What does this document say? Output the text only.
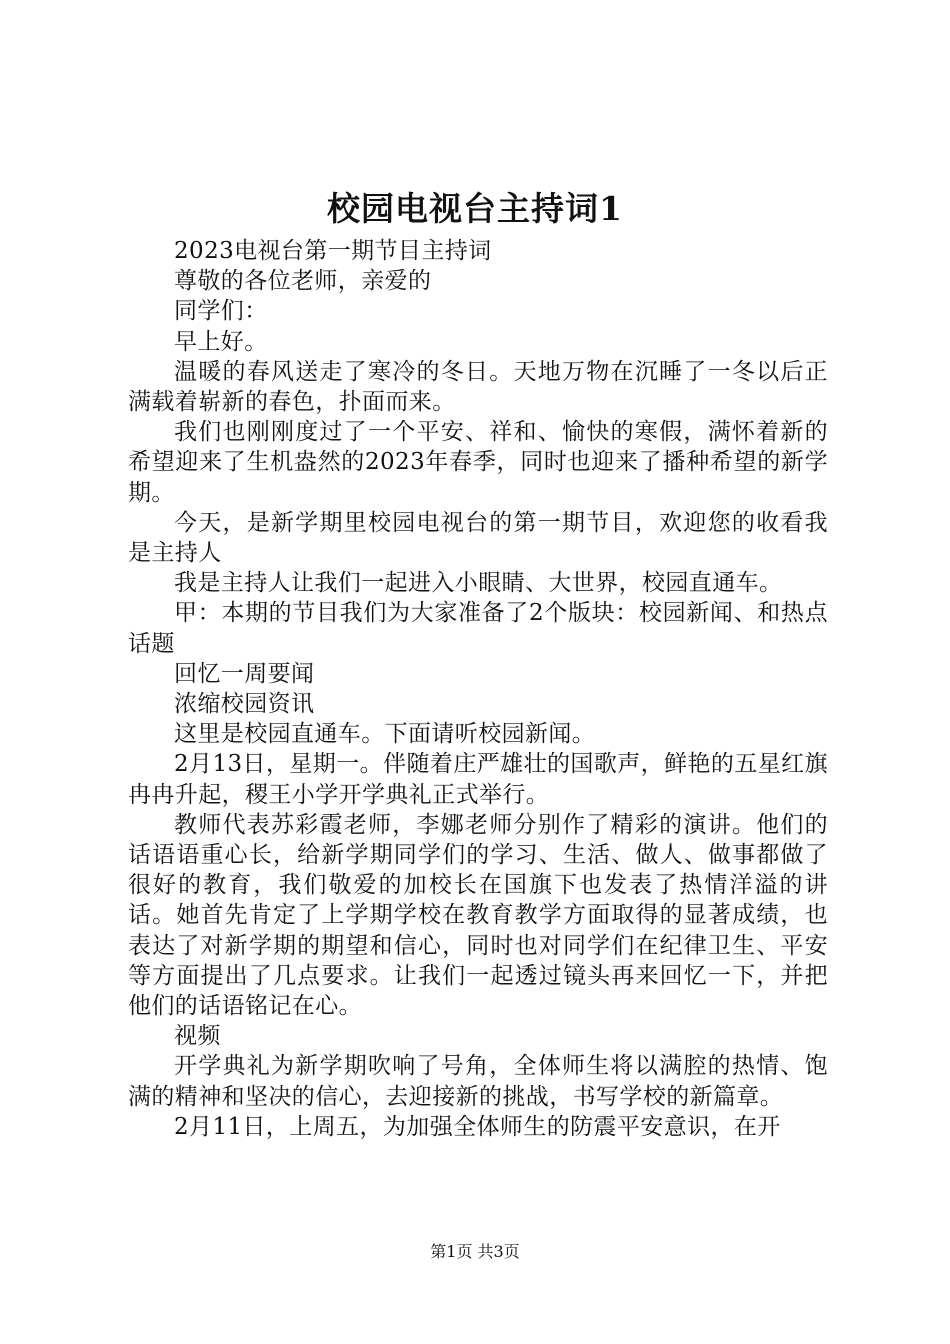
校园电视台主持词1

2023电视台第一期节目主持词

尊敬的各位老师，亲爱的

同学们：

早上好。

温暖的春风送走了寒冷的冬日。天地万物在沉睡了一冬以后正满载着崭新的春色，扑面而来。

我们也刚刚度过了一个平安、祥和、愉快的寒假，满怀着新的希望迎来了生机盎然的2023年春季，同时也迎来了播种希望的新学期。

今天，是新学期里校园电视台的第一期节目，欢迎您的收看我是主持人

我是主持人让我们一起进入小眼睛、大世界，校园直通车。

甲：本期的节目我们为大家准备了2个版块：校园新闻、和热点话题

回忆一周要闻

浓缩校园资讯

这里是校园直通车。下面请听校园新闻。

2月13日，星期一。伴随着庄严雄壮的国歌声，鲜艳的五星红旗冉冉升起，稷王小学开学典礼正式举行。

教师代表苏彩霞老师，李娜老师分别作了精彩的演讲。他们的话语语重心长，给新学期同学们的学习、生活、做人、做事都做了很好的教育，我们敬爱的加校长在国旗下也发表了热情洋溢的讲话。她首先肯定了上学期学校在教育教学方面取得的显著成绩，也表达了对新学期的期望和信心，同时也对同学们在纪律卫生、平安等方面提出了几点要求。让我们一起透过镜头再来回忆一下，并把他们的话语铭记在心。

视频

开学典礼为新学期吹响了号角，全体师生将以满腔的热情、饱满的精神和坚决的信心，去迎接新的挑战，书写学校的新篇章。

2月11日，上周五，为加强全体师生的防震平安意识，在开

第1页 共3页
